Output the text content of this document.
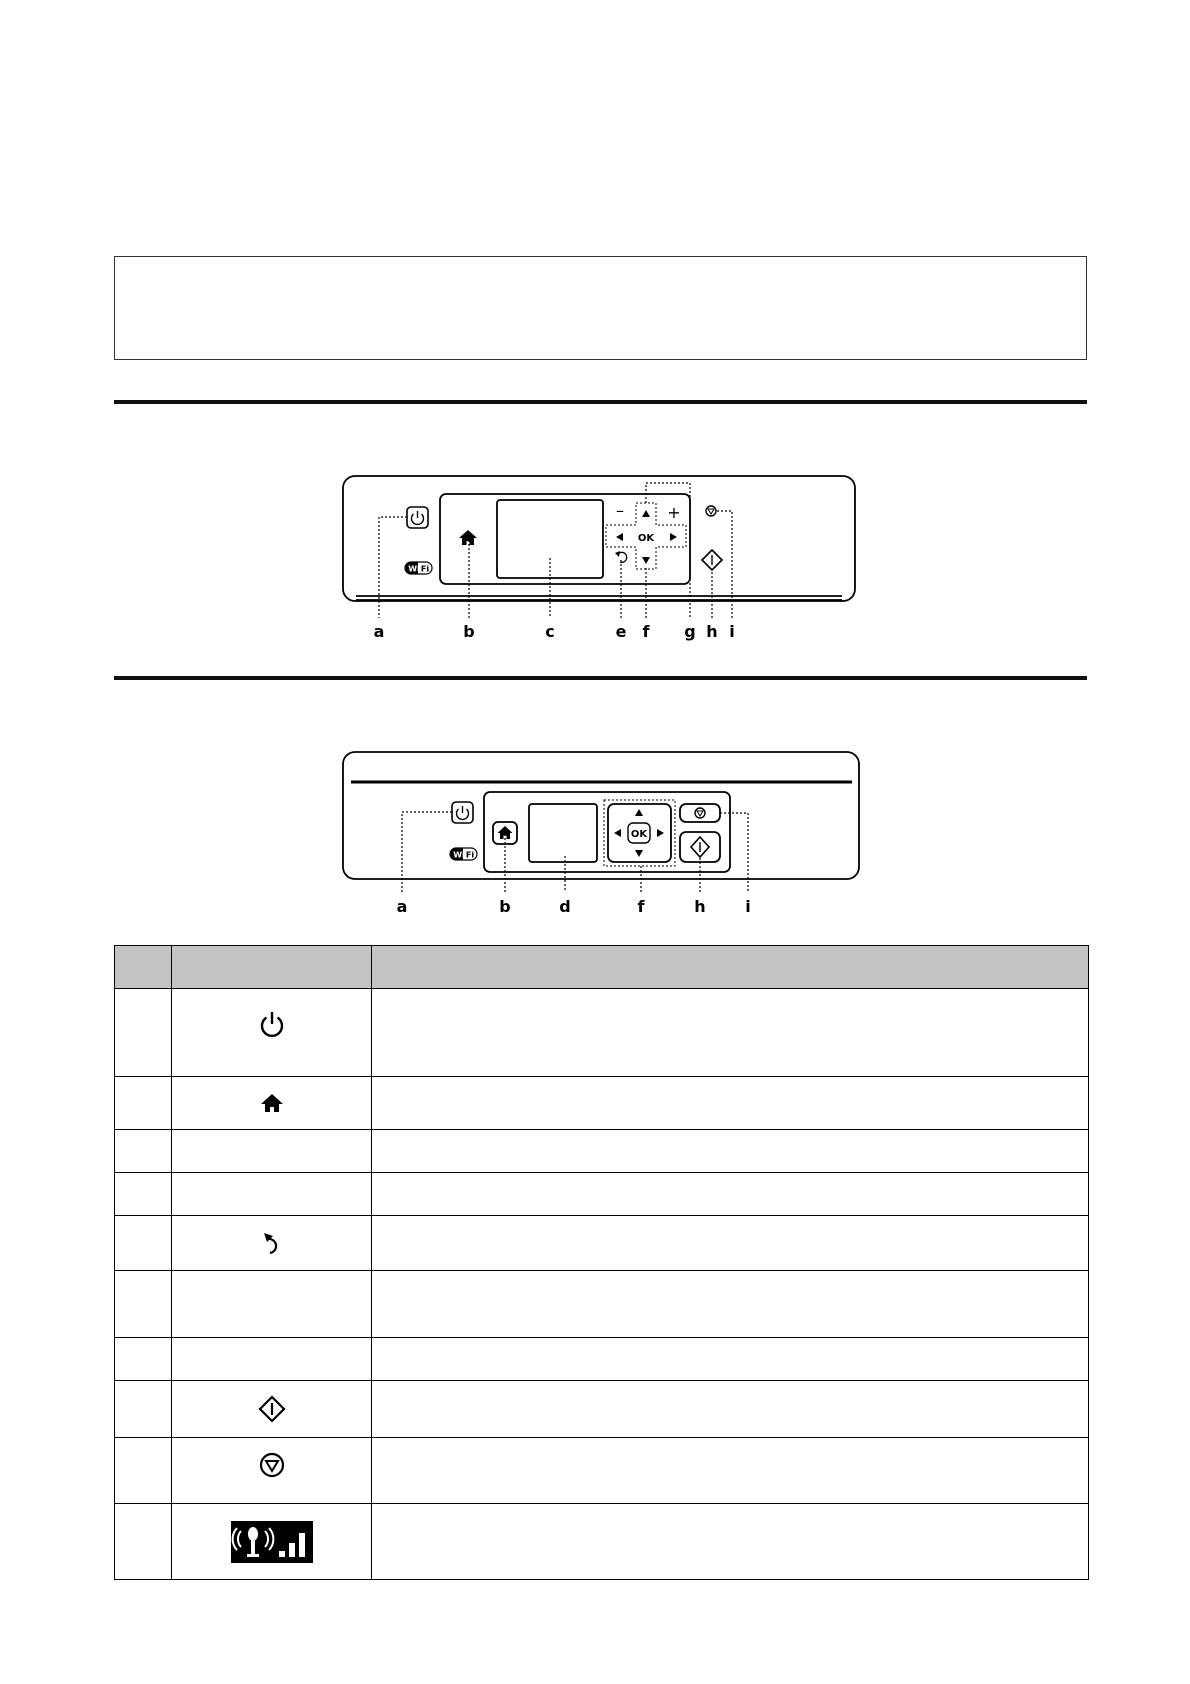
Wi Fi
–	+
OK
a	b	c	e f g h i
Wi Fi
OK
a	b	d	f	h i
